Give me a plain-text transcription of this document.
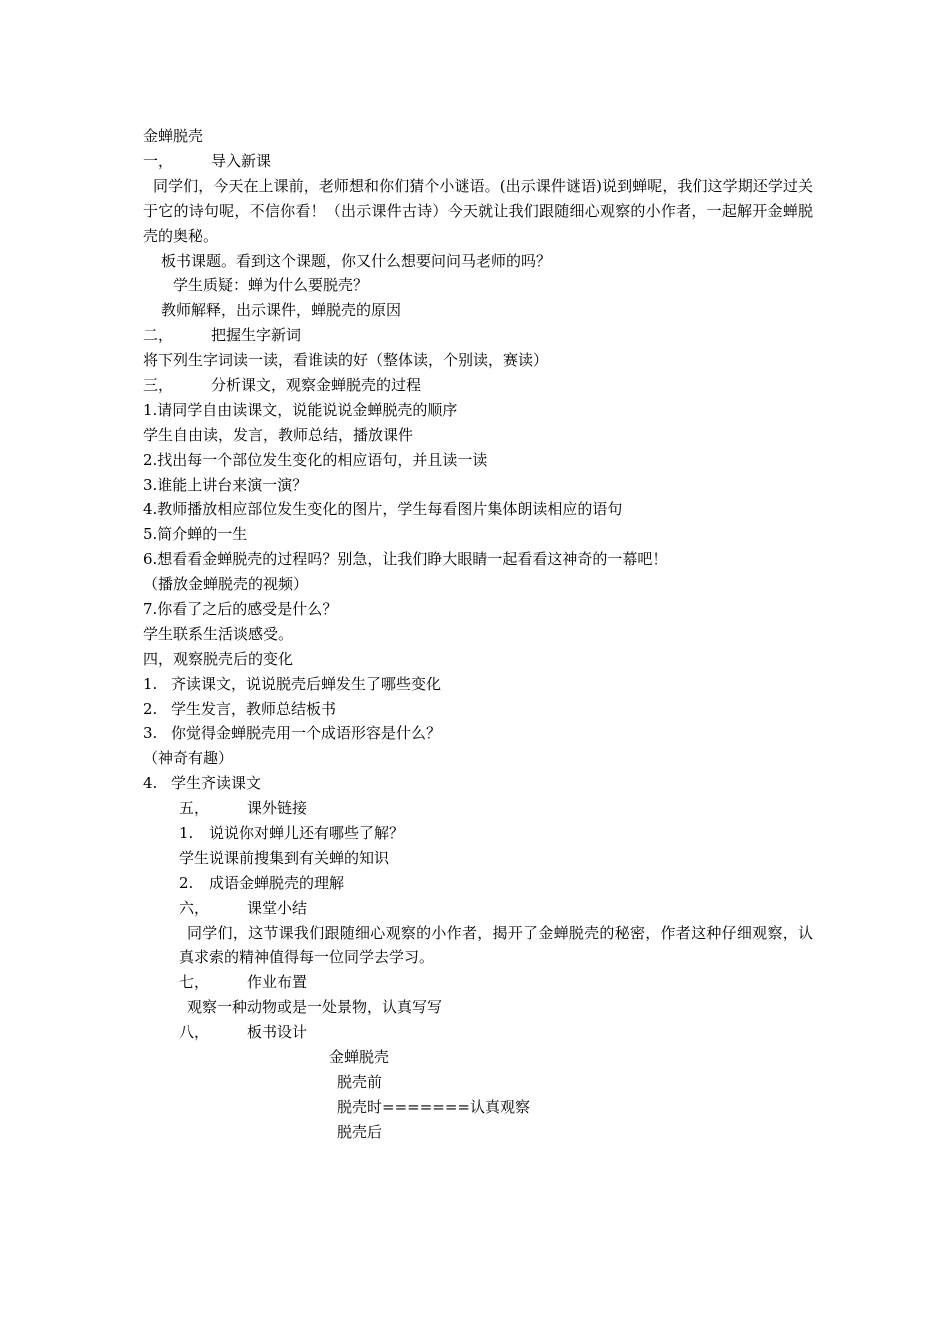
金蝉脱壳
一，	导入新课
同学们，今天在上课前，老师想和你们猜个小谜语。(出示课件谜语)说到蝉呢，我们这学期还学过关于它的诗句呢，不信你看！（出示课件古诗）今天就让我们跟随细心观察的小作者，一起解开金蝉脱壳的奥秘。
板书课题。看到这个课题，你又什么想要问问马老师的吗？
学生质疑：蝉为什么要脱壳？
教师解释，出示课件，蝉脱壳的原因
二，	把握生字新词
将下列生字词读一读，看谁读的好（整体读，个别读，赛读）
三，	分析课文，观察金蝉脱壳的过程
1.请同学自由读课文，说能说说金蝉脱壳的顺序
学生自由读，发言，教师总结，播放课件
2.找出每一个部位发生变化的相应语句，并且读一读
3.谁能上讲台来演一演？
4.教师播放相应部位发生变化的图片，学生每看图片集体朗读相应的语句
5.简介蝉的一生
6.想看看金蝉脱壳的过程吗？别急，让我们睁大眼睛一起看看这神奇的一幕吧！
（播放金蝉脱壳的视频）
7.你看了之后的感受是什么？
学生联系生活谈感受。
四，观察脱壳后的变化
1. 齐读课文，说说脱壳后蝉发生了哪些变化
2. 学生发言，教师总结板书
3. 你觉得金蝉脱壳用一个成语形容是什么？
（神奇有趣）
4. 学生齐读课文
五，	课外链接
1. 说说你对蝉儿还有哪些了解？
学生说课前搜集到有关蝉的知识
2. 成语金蝉脱壳的理解
六，	课堂小结
同学们，这节课我们跟随细心观察的小作者，揭开了金蝉脱壳的秘密，作者这种仔细观察，认真求索的精神值得每一位同学去学习。
七，	作业布置
观察一种动物或是一处景物，认真写写
八，	板书设计
金蝉脱壳
脱壳前
脱壳时=======认真观察
脱壳后
